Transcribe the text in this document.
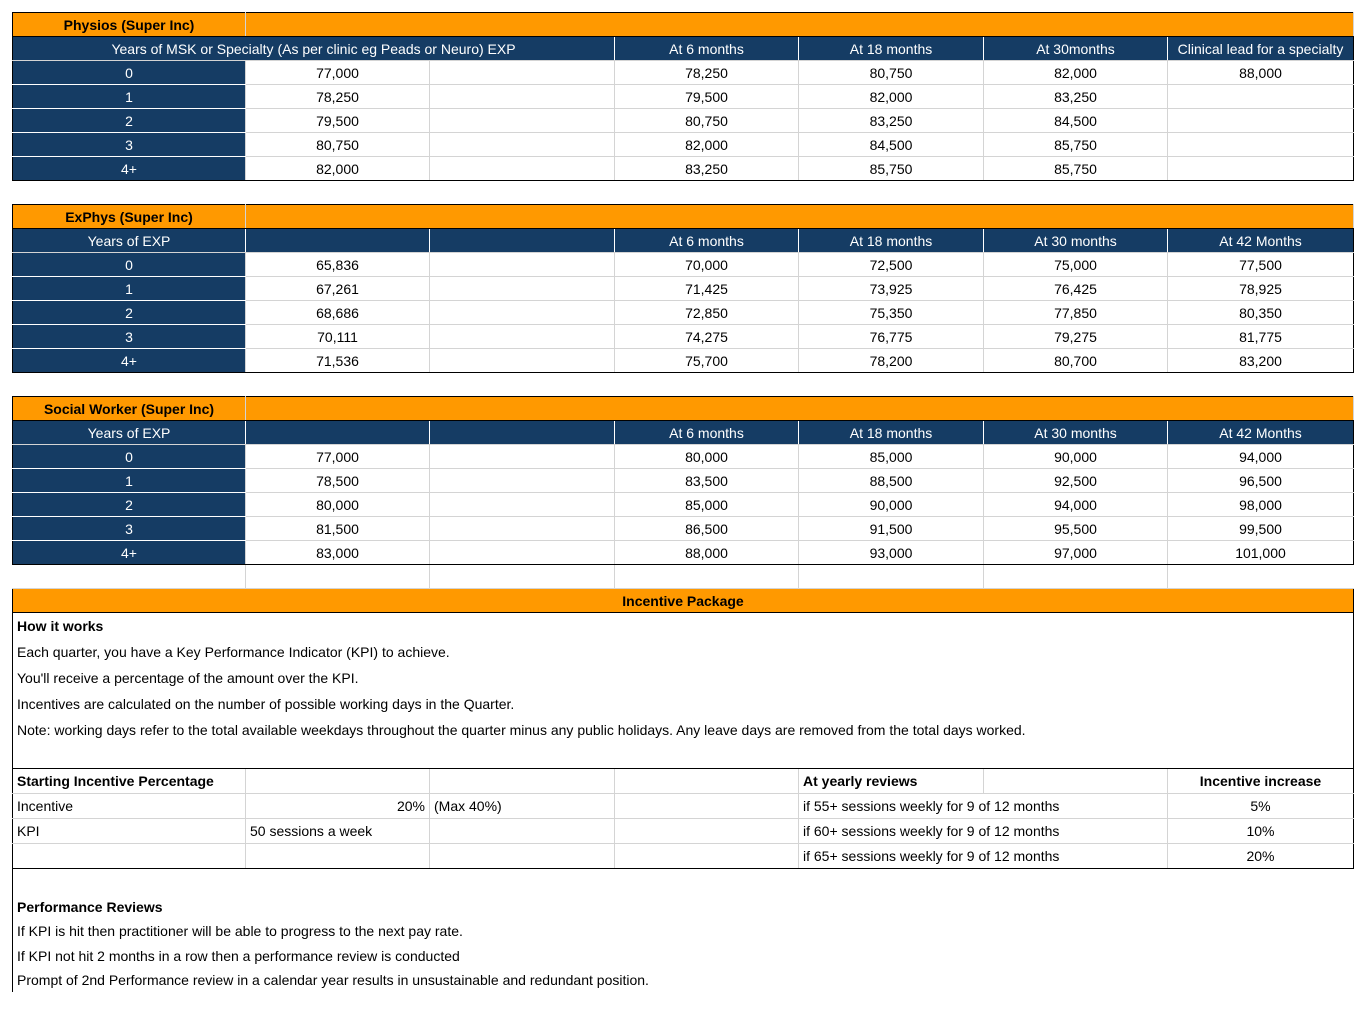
Physios (Super Inc)						
Years of MSK or Specialty (As per clinic eg Peads or Neuro) EXP			At 6 months	At 18 months	At 30months	Clinical lead for a specialty
0	77,000		78,250	80,750	82,000	88,000
1	78,250		79,500	82,000	83,250	
2	79,500		80,750	83,250	84,500	
3	80,750		82,000	84,500	85,750	
4+	82,000		83,250	85,750	85,750	

ExPhys (Super Inc)						
Years of EXP			At 6 months	At 18 months	At 30 months	At 42 Months
0	65,836		70,000	72,500	75,000	77,500
1	67,261		71,425	73,925	76,425	78,925
2	68,686		72,850	75,350	77,850	80,350
3	70,111		74,275	76,775	79,275	81,775
4+	71,536		75,700	78,200	80,700	83,200

Social Worker (Super Inc)						
Years of EXP			At 6 months	At 18 months	At 30 months	At 42 Months
0	77,000		80,000	85,000	90,000	94,000
1	78,500		83,500	88,500	92,500	96,500
2	80,000		85,000	90,000	94,000	98,000
3	81,500		86,500	91,500	95,500	99,500
4+	83,000		88,000	93,000	97,000	101,000

Incentive Package						
How it works						
Each quarter, you have a Key Performance Indicator (KPI) to achieve.						
You'll receive a percentage of the amount over the KPI.						
Incentives are calculated on the number of possible working days in the Quarter.						
Note: working days refer to the total available weekdays throughout the quarter minus any public holidays. Any leave days are removed from the total days worked.						

Starting Incentive Percentage				At yearly reviews		Incentive increase
Incentive	20%	(Max 40%)		if 55+ sessions weekly for 9 of 12 months		5%
KPI	50 sessions a week			if 60+ sessions weekly for 9 of 12 months		10%
				if 65+ sessions weekly for 9 of 12 months		20%

Performance Reviews						
If KPI is hit then practitioner will be able to progress to the next pay rate.						
If KPI not hit 2 months in a row then a performance review is conducted						
Prompt of 2nd Performance review in a calendar year results in unsustainable and redundant position.						
